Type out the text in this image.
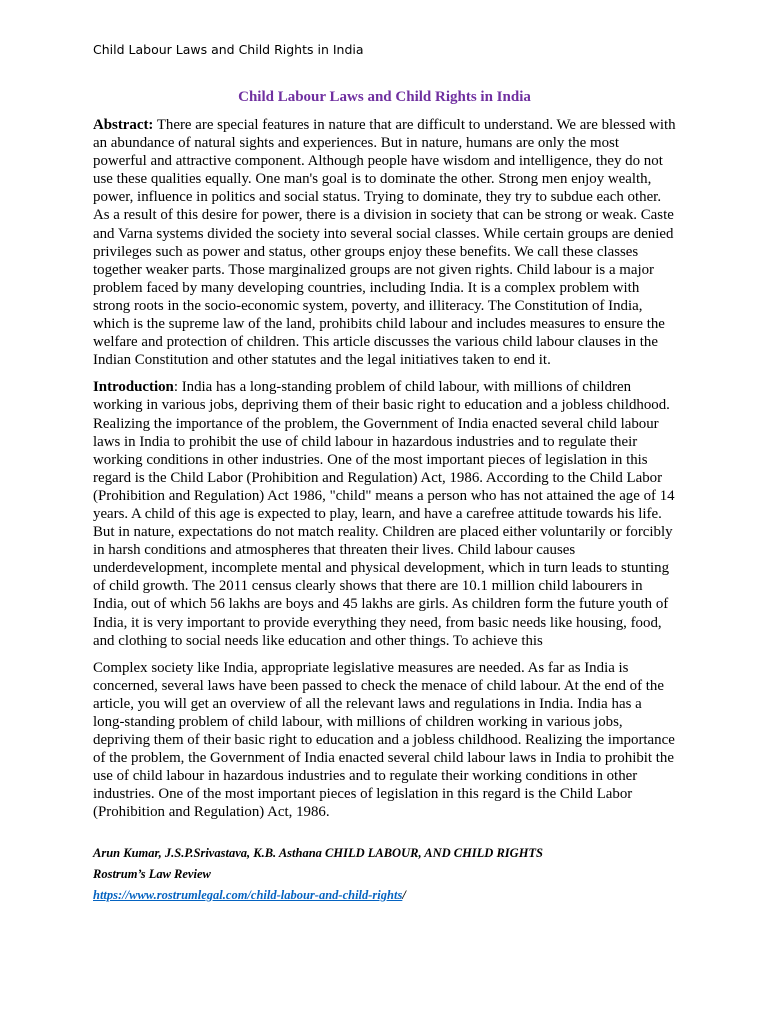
Child Labour Laws and Child Rights in India
Child Labour Laws and Child Rights in India

Abstract: There are special features in nature that are difficult to understand. We are blessed with an abundance of natural sights and experiences. But in nature, humans are only the most powerful and attractive component. Although people have wisdom and intelligence, they do not use these qualities equally. One man's goal is to dominate the other. Strong men enjoy wealth, power, influence in politics and social status. Trying to dominate, they try to subdue each other. As a result of this desire for power, there is a division in society that can be strong or weak. Caste and Varna systems divided the society into several social classes. While certain groups are denied privileges such as power and status, other groups enjoy these benefits. We call these classes together weaker parts. Those marginalized groups are not given rights. Child labour is a major problem faced by many developing countries, including India. It is a complex problem with strong roots in the socio-economic system, poverty, and illiteracy. The Constitution of India, which is the supreme law of the land, prohibits child labour and includes measures to ensure the welfare and protection of children. This article discusses the various child labour clauses in the Indian Constitution and other statutes and the legal initiatives taken to end it.

Introduction: India has a long-standing problem of child labour, with millions of children working in various jobs, depriving them of their basic right to education and a jobless childhood. Realizing the importance of the problem, the Government of India enacted several child labour laws in India to prohibit the use of child labour in hazardous industries and to regulate their working conditions in other industries. One of the most important pieces of legislation in this regard is the Child Labor (Prohibition and Regulation) Act, 1986. According to the Child Labor (Prohibition and Regulation) Act 1986, "child" means a person who has not attained the age of 14 years. A child of this age is expected to play, learn, and have a carefree attitude towards his life. But in nature, expectations do not match reality. Children are placed either voluntarily or forcibly in harsh conditions and atmospheres that threaten their lives. Child labour causes underdevelopment, incomplete mental and physical development, which in turn leads to stunting of child growth. The 2011 census clearly shows that there are 10.1 million child labourers in India, out of which 56 lakhs are boys and 45 lakhs are girls. As children form the future youth of India, it is very important to provide everything they need, from basic needs like housing, food, and clothing to social needs like education and other things. To achieve this

Complex society like India, appropriate legislative measures are needed. As far as India is concerned, several laws have been passed to check the menace of child labour. At the end of the article, you will get an overview of all the relevant laws and regulations in India. India has a long-standing problem of child labour, with millions of children working in various jobs, depriving them of their basic right to education and a jobless childhood. Realizing the importance of the problem, the Government of India enacted several child labour laws in India to prohibit the use of child labour in hazardous industries and to regulate their working conditions in other industries. One of the most important pieces of legislation in this regard is the Child Labor (Prohibition and Regulation) Act, 1986.

Arun Kumar, J.S.P.Srivastava, K.B. Asthana CHILD LABOUR, AND CHILD RIGHTS
Rostrum’s Law Review
https://www.rostrumlegal.com/child-labour-and-child-rights/
